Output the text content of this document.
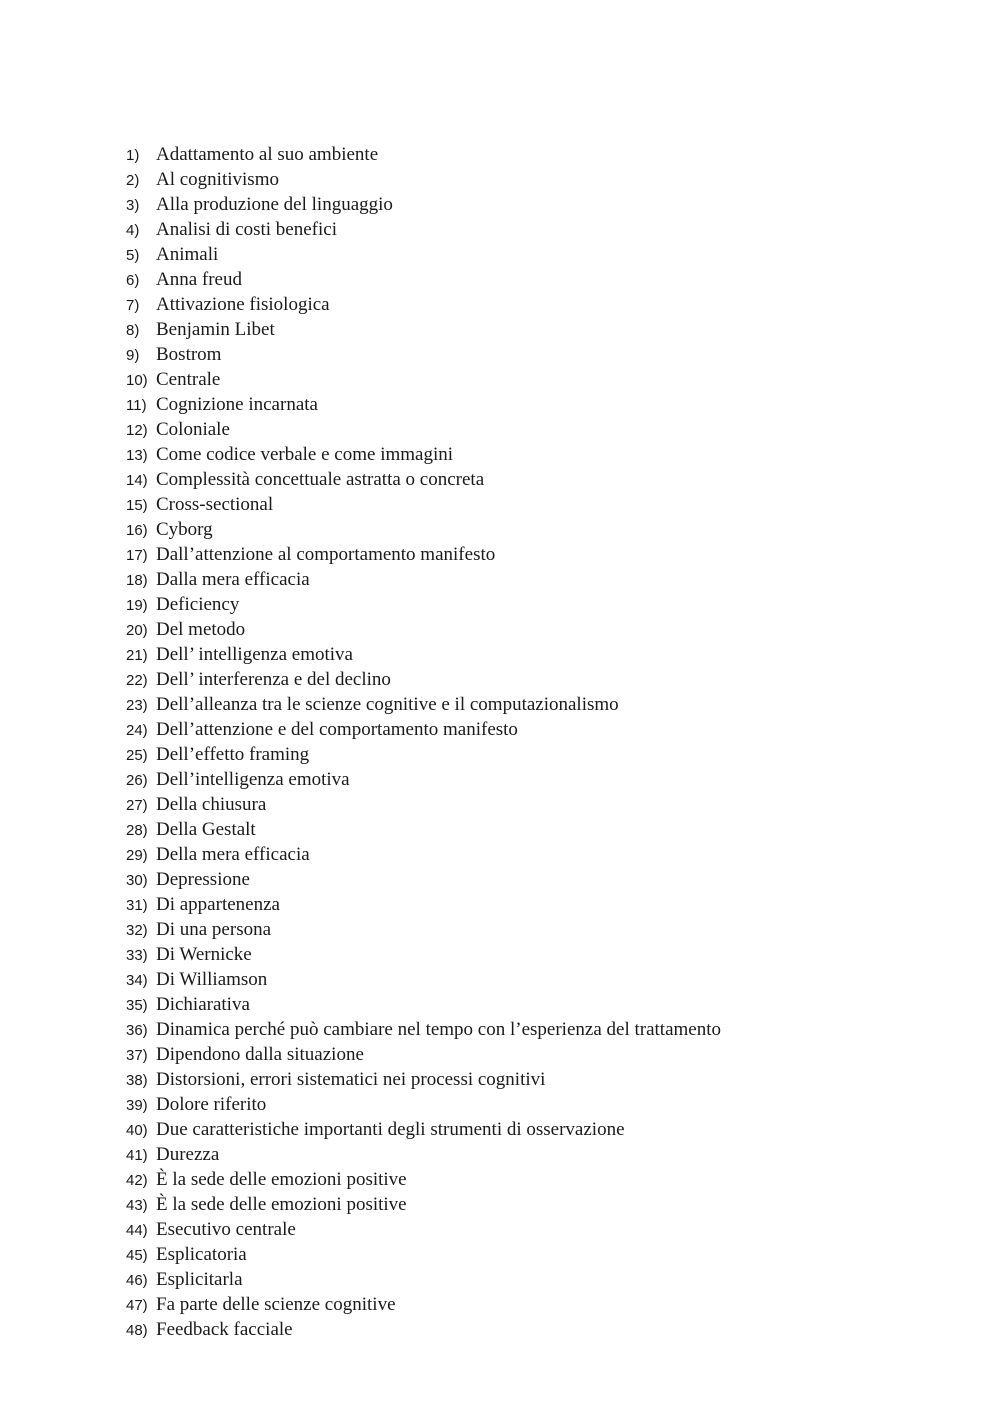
1) Adattamento al suo ambiente
2) Al cognitivismo
3) Alla produzione del linguaggio
4) Analisi di costi benefici
5) Animali
6) Anna freud
7) Attivazione fisiologica
8) Benjamin Libet
9) Bostrom
10) Centrale
11) Cognizione incarnata
12) Coloniale
13) Come codice verbale e come immagini
14) Complessità concettuale astratta o concreta
15) Cross-sectional
16) Cyborg
17) Dall’attenzione al comportamento manifesto
18) Dalla mera efficacia
19) Deficiency
20) Del metodo
21) Dell’ intelligenza emotiva
22) Dell’ interferenza e del declino
23) Dell’alleanza tra le scienze cognitive e il computazionalismo
24) Dell’attenzione e del comportamento manifesto
25) Dell’effetto framing
26) Dell’intelligenza emotiva
27) Della chiusura
28) Della Gestalt
29) Della mera efficacia
30) Depressione
31) Di appartenenza
32) Di una persona
33) Di Wernicke
34) Di Williamson
35) Dichiarativa
36) Dinamica perché può cambiare nel tempo con l’esperienza del trattamento
37) Dipendono dalla situazione
38) Distorsioni, errori sistematici nei processi cognitivi
39) Dolore riferito
40) Due caratteristiche importanti degli strumenti di osservazione
41) Durezza
42) È la sede delle emozioni positive
43) È la sede delle emozioni positive
44) Esecutivo centrale
45) Esplicatoria
46) Esplicitarla
47) Fa parte delle scienze cognitive
48) Feedback facciale
